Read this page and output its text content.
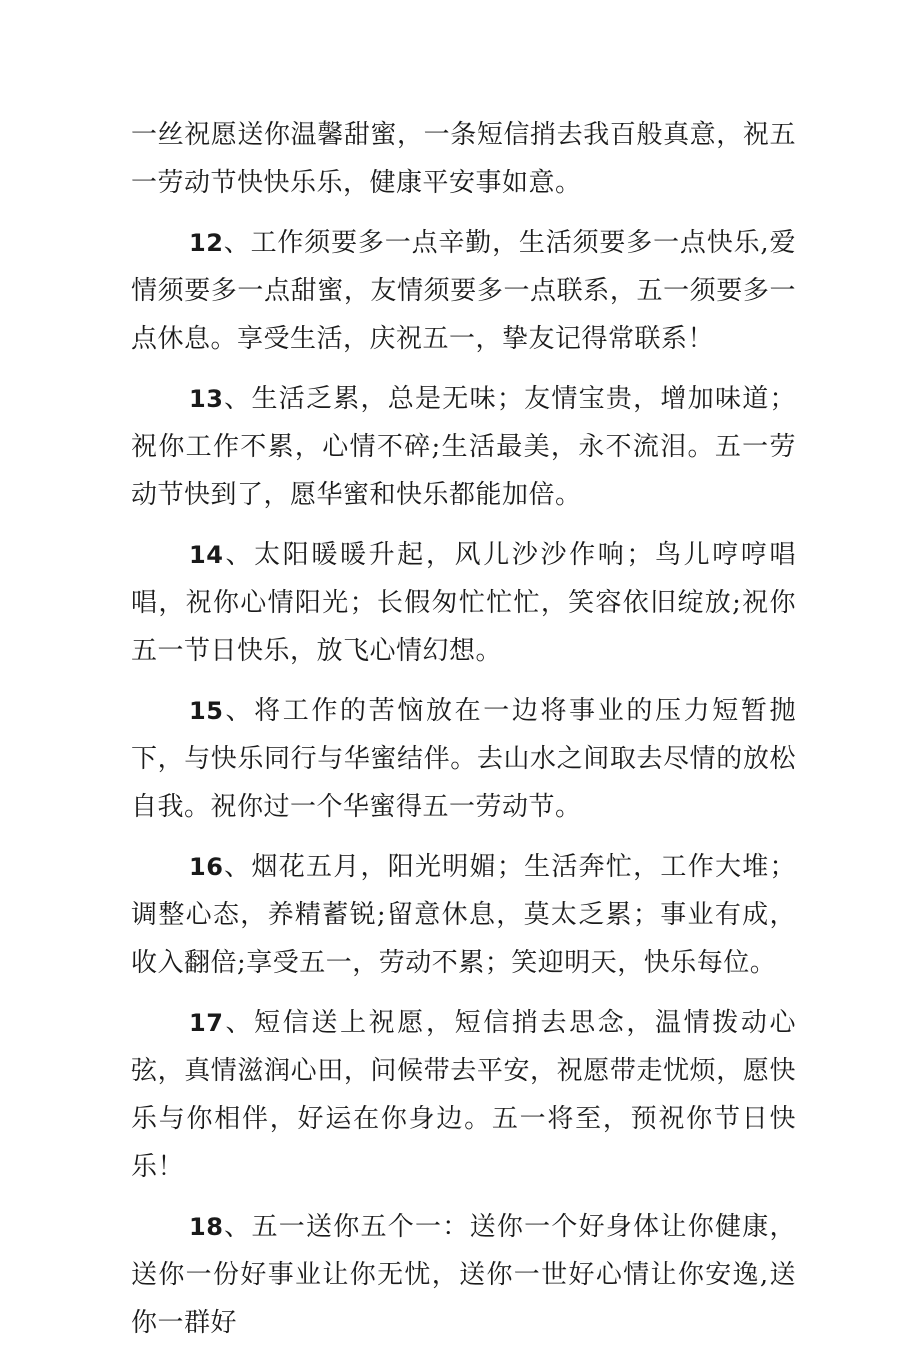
一丝祝愿送你温馨甜蜜，一条短信捎去我百般真意，祝五一劳动节快快乐乐，健康平安事如意。

12、工作须要多一点辛勤，生活须要多一点快乐,爱情须要多一点甜蜜，友情须要多一点联系，五一须要多一点休息。享受生活，庆祝五一，挚友记得常联系！

13、生活乏累，总是无味；友情宝贵，增加味道；祝你工作不累，心情不碎;生活最美，永不流泪。五一劳动节快到了，愿华蜜和快乐都能加倍。

14、太阳暖暖升起，风儿沙沙作响；鸟儿哼哼唱唱，祝你心情阳光；长假匆忙忙忙，笑容依旧绽放;祝你五一节日快乐，放飞心情幻想。

15、将工作的苦恼放在一边将事业的压力短暂抛下，与快乐同行与华蜜结伴。去山水之间取去尽情的放松自我。祝你过一个华蜜得五一劳动节。

16、烟花五月，阳光明媚；生活奔忙，工作大堆；调整心态，养精蓄锐;留意休息，莫太乏累；事业有成，收入翻倍;享受五一，劳动不累；笑迎明天，快乐每位。

17、短信送上祝愿，短信捎去思念，温情拨动心弦，真情滋润心田，问候带去平安，祝愿带走忧烦，愿快乐与你相伴，好运在你身边。五一将至，预祝你节日快乐！

18、五一送你五个一：送你一个好身体让你健康，送你一份好事业让你无忧，送你一世好心情让你安逸,送你一群好
